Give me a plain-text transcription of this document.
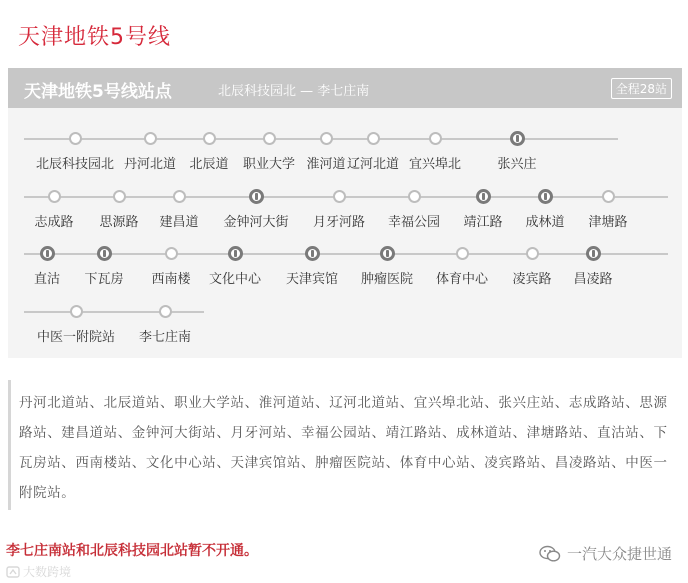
天津地铁5号线
天津地铁5号线站点	北辰科技园北 — 李七庄南	全程28站
北辰科技园北 丹河北道	北辰道	职业大学 淮河道 辽河北道 宜兴埠北	张兴庄
志成路	思源路	建昌道	金钟河大街	月牙河路	幸福公园	靖江路	成林道	津塘路
直沽	下瓦房	西南楼	文化中心	天津宾馆	肿瘤医院	体育中心	凌宾路	昌凌路
中医一附院站	李七庄南

丹河北道站、北辰道站、职业大学站、淮河道站、辽河北道站、宜兴埠北站、张兴庄站、志成路站、思源路站、建昌道站、金钟河大街站、月牙河站、幸福公园站、靖江路站、成林道站、津塘路站、直沽站、下瓦房站、西南楼站、文化中心站、天津宾馆站、肿瘤医院站、体育中心站、凌宾路站、昌凌路站、中医一附院站。

李七庄南站和北辰科技园北站暂不开通。
大数跨境
一汽大众捷世通
